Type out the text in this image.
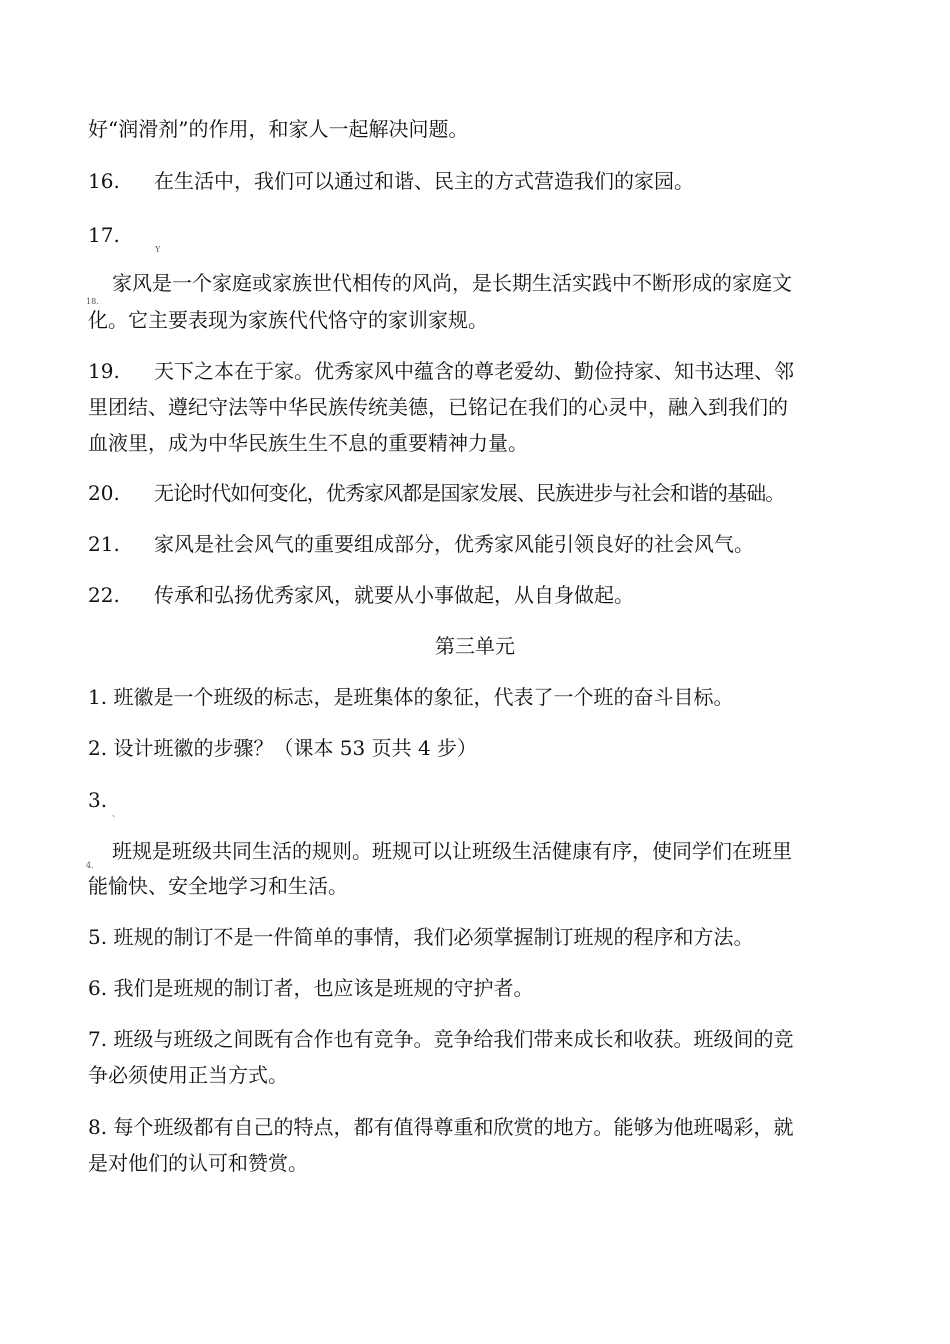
好“润滑剂”的作用，和家人一起解决问题。
16. 在生活中，我们可以通过和谐、民主的方式营造我们的家园。
17.
Y
18.
家风是一个家庭或家族世代相传的风尚，是长期生活实践中不断形成的家庭文
化。它主要表现为家族代代恪守的家训家规。
19. 天下之本在于家。优秀家风中蕴含的尊老爱幼、勤俭持家、知书达理、邻
里团结、遵纪守法等中华民族传统美德，已铭记在我们的心灵中，融入到我们的
血液里，成为中华民族生生不息的重要精神力量。
20. 无论时代如何变化，优秀家风都是国家发展、民族进步与社会和谐的基础。
21. 家风是社会风气的重要组成部分，优秀家风能引领良好的社会风气。
22. 传承和弘扬优秀家风，就要从小事做起，从自身做起。
第三单元
1. 班徽是一个班级的标志，是班集体的象征，代表了一个班的奋斗目标。
2. 设计班徽的步骤？（课本 53 页共 4 步）
3.
、
4.
班规是班级共同生活的规则。班规可以让班级生活健康有序，使同学们在班里
能愉快、安全地学习和生活。
5. 班规的制订不是一件简单的事情，我们必须掌握制订班规的程序和方法。
6. 我们是班规的制订者，也应该是班规的守护者。
7. 班级与班级之间既有合作也有竞争。竞争给我们带来成长和收获。班级间的竞
争必须使用正当方式。
8. 每个班级都有自己的特点，都有值得尊重和欣赏的地方。能够为他班喝彩，就
是对他们的认可和赞赏。
